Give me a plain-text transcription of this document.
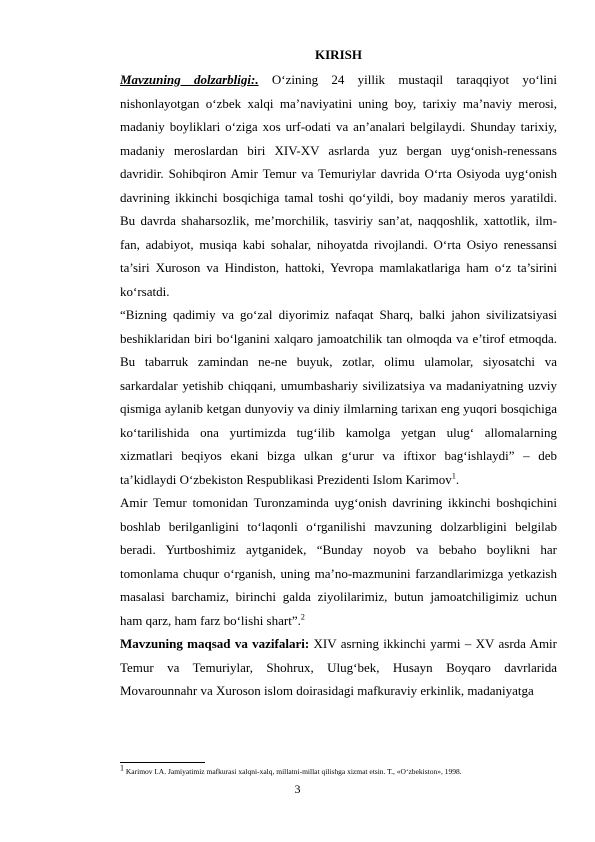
KIRISH

Mavzuning dolzarbligi:. O‘zining 24 yillik mustaqil taraqqiyot yo‘lini nishonlayotgan o‘zbek xalqi ma’naviyatini uning boy, tarixiy ma’naviy merosi, madaniy boyliklari o‘ziga xos urf-odati va an’analari belgilaydi. Shunday tarixiy, madaniy meroslardan biri XIV-XV asrlarda yuz bergan uyg‘onish-renessans davridir. Sohibqiron Amir Temur va Temuriylar davrida O‘rta Osiyoda uyg‘onish davrining ikkinchi bosqichiga tamal toshi qo‘yildi, boy madaniy meros yaratildi. Bu davrda shaharsozlik, me’morchilik, tasviriy san’at, naqqoshlik, xattotlik, ilm-fan, adabiyot, musiqa kabi sohalar, nihoyatda rivojlandi. O‘rta Osiyo renessansi ta’siri Xuroson va Hindiston, hattoki, Yevropa mamlakatlariga ham o‘z ta’sirini ko‘rsatdi.

“Bizning qadimiy va go‘zal diyorimiz nafaqat Sharq, balki jahon sivilizatsiyasi beshiklaridan biri bo‘lganini xalqaro jamoatchilik tan olmoqda va e’tirof etmoqda. Bu tabarruk zamindan ne-ne buyuk, zotlar, olimu ulamolar, siyosatchi va sarkardalar yetishib chiqqani, umumbashariy sivilizatsiya va madaniyatning uzviy qismiga aylanib ketgan dunyoviy va diniy ilmlarning tarixan eng yuqori bosqichiga ko‘tarilishida ona yurtimizda tug‘ilib kamolga yetgan ulug‘ allomalarning xizmatlari beqiyos ekani bizga ulkan g‘urur va iftixor bag‘ishlaydi” – deb ta’kidlaydi O‘zbekiston Respublikasi Prezidenti Islom Karimov$^1$.

Amir Temur tomonidan Turonzaminda uyg‘onish davrining ikkinchi boshqichini boshlab berilganligini to‘laqonli o‘rganilishi mavzuning dolzarbligini belgilab beradi. Yurtboshimiz aytganidek, “Bunday noyob va bebaho boylikni har tomonlama chuqur o‘rganish, uning ma’no-mazmunini farzandlarimizga yetkazish masalasi barchamiz, birinchi galda ziyolilarimiz, butun jamoatchiligimiz uchun ham qarz, ham farz bo‘lishi shart”.$^2$

Mavzuning maqsad va vazifalari: XIV asrning ikkinchi yarmi – XV asrda Amir Temur va Temuriylar, Shohrux, Ulug‘bek, Husayn Boyqaro davrlarida Movarounnahr va Xuroson islom doirasidagi mafkuraviy erkinlik, madaniyatga

$^1$ Karimov I.A. Jamiyatimiz mafkurasi xalqni-xalq, millatni-millat qilishga xizmat etsin. T., «O‘zbekiston», 1998.
3
